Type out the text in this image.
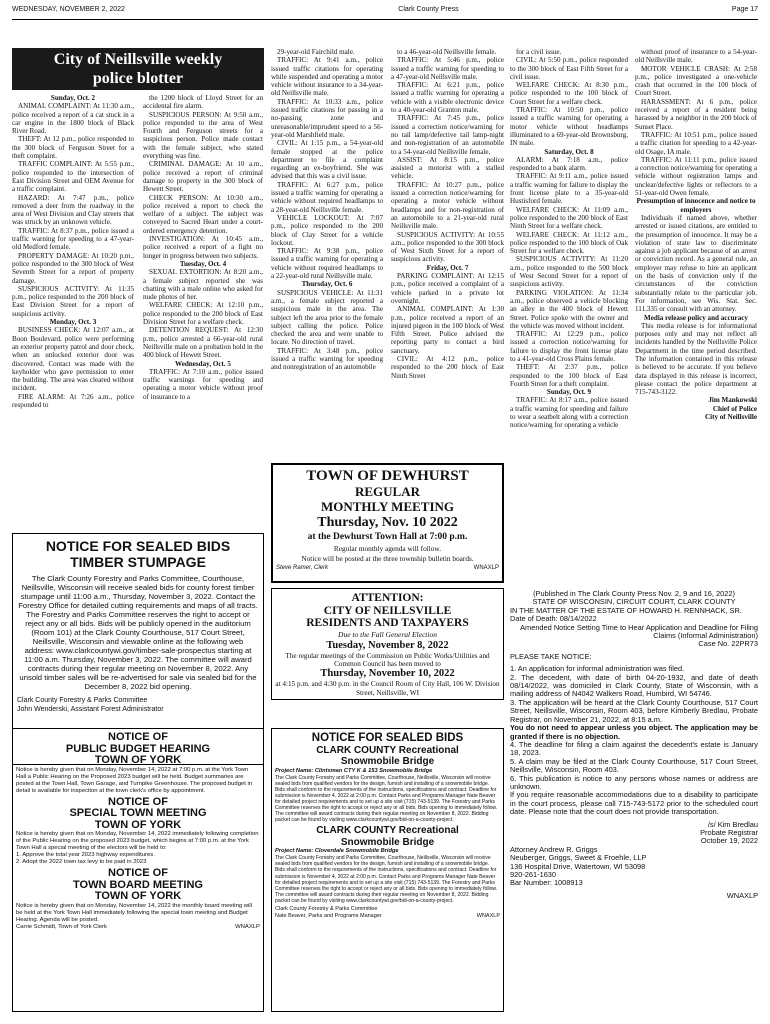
WEDNESDAY, NOVEMBER 2, 2022	Clark County Press	Page 17
City of Neillsville weekly
police blotter

Sunday, Oct. 2

ANIMAL COMPLAINT: At 11:30 a.m., police received a report of a cat stuck in a car engine in the 1800 block of Black River Road.

THEFT: At 12 p.m., police responded to the 300 block of Ferguson Street for a theft complaint.

TRAFFIC COMPLAINT: At 5:55 p.m., police responded to the intersection of East Division Street and OEM Avenue for a traffic complaint.

HAZARD: At 7:47 p.m., police removed a deer from the roadway in the area of West Division and Clay streets that was struck by an unknown vehicle.

TRAFFIC: At 8:37 p.m., police issued a traffic warning for speeding to a 47-year-old Medford female.

PROPERTY DAMAGE: At 10:20 p.m., police responded to the 300 block of West Seventh Street for a report of property damage.

SUSPICIOUS ACTIVITY: At 11:35 p.m., police responded to the 200 block of East Division Street for a report of suspicious activity.

Monday, Oct. 3

BUSINESS CHECK: At 12:07 a.m., at Boon Boulevard, police were performing an exterior property patrol and door check, when an unlocked exterior door was discovered. Contact was made with the keyholder who gave permission to enter the building. The area was cleared without incident.

FIRE ALARM: At 7:26 a.m., police responded to

the 1200 block of Lloyd Street for an accidental fire alarm.

SUSPICIOUS PERSON: At 9:50 a.m., police responded to the area of West Fourth and Ferguson streets for a suspicious person. Police made contact with the female subject, who stated everything was fine.

CRIMINAL DAMAGE: At 10 a.m., police received a report of criminal damage to property in the 300 block of Hewett Street.

CHECK PERSON: At 10:30 a.m., police received a report to check the welfare of a subject. The subject was conveyed to Sacred Heart under a court-ordered emergency detention.

INVESTIGATION: At 10:45 a.m., police received a report of a fight no longer in progress between two subjects.

Tuesday, Oct. 4

SEXUAL EXTORTION: At 8:20 a.m., a female subject reported she was chatting with a male online who asked for nude photos of her.

WELFARE CHECK: At 12:10 p.m., police responded to the 200 block of East Division Street for a welfare check.

DETENTION REQUEST: At 12:30 p.m., police arrested a 66-year-old rural Neillsville male on a probation hold in the 400 block of Hewett Street.

Wednesday, Oct. 5

TRAFFIC: At 7:10 a.m., police issued traffic warnings for speeding and operating a motor vehicle without proof of insurance to a

29-year-old Fairchild male.

TRAFFIC: At 9:41 a.m., police issued traffic citations for operating while suspended and operating a motor vehicle without insurance to a 34-year-old Neillsville male.

TRAFFIC: At 10:33 a.m., police issued traffic citations for passing in a no-passing zone and unreasonable/imprudent speed to a 56-year-old Marshfield male.

CIVIL: At 1:15 p.m., a 54-year-old female stopped at the police department to file a complaint regarding an ex-boyfriend. She was advised that this was a civil issue.

TRAFFIC: At 6:27 p.m., police issued a traffic warning for operating a vehicle without required headlamps to a 28-year-old Neillsville female.

VEHICLE LOCKOUT: At 7:07 p.m., police responded to the 200 block of Clay Street for a vehicle lockout.

TRAFFIC: At 9:38 p.m., police issued a traffic warning for operating a vehicle without required headlamps to a 22-year-old rural Neillsville male.

Thursday, Oct. 6

SUSPICIOUS VEHICLE: At 11:31 a.m., a female subject reported a suspicious male in the area. The subject left the area prior to the female subject calling the police. Police checked the area and were unable to locate. No direction of travel.

TRAFFIC: At 3:48 p.m., police issued a traffic warning for speeding and nonregistration of an automobile

to a 46-year-old Neillsville female.

TRAFFIC: At 5:46 p.m., police issued a traffic warning for speeding to a 47-year-old Neillsville male.

TRAFFIC: At 6:21 p.m., police issued a traffic warning for operating a vehicle with a visible electronic device to a 40-year-old Granton male.

TRAFFIC: At 7:45 p.m., police issued a correction notice/warning for no tail lamp/defective tail lamp-night and non-registration of an automobile to a 54-year-old Neillsville female.

ASSIST: At 8:15 p.m., police assisted a motorist with a stalled vehicle.

TRAFFIC: At 10:27 p.m., police issued a correction notice/warning for operating a motor vehicle without headlamps and for non-registration of an automobile to a 21-year-old rural Neillsville male.

SUSPICIOUS ACTIVITY: At 10:55 a.m., police responded to the 300 block of West Sixth Street for a report of suspicious activity.

Friday, Oct. 7

PARKING COMPLAINT: At 12:15 p.m., police received a complaint of a vehicle parked in a private lot overnight.

ANIMAL COMPLAINT: At 1:30 p.m., police received a report of an injured pigeon in the 100 block of West Fifth Street. Police advised the reporting party to contact a bird sanctuary.

CIVIL: At 4:12 p.m., police responded to the 200 block of East Ninth Street

for a civil issue.

CIVIL: At 5:50 p.m., police responded to the 300 block of East Fifth Street for a civil issue.

WELFARE CHECK: At 8:30 p.m., police responded to the 100 block of Court Street for a welfare check.

TRAFFIC: At 10:50 p.m., police issued a traffic warning for operating a motor vehicle without headlamps illuminated to a 69-year-old Brownsburg, IN male.

Saturday, Oct. 8

ALARM: At 7:18 a.m., police responded to a bank alarm.

TRAFFIC: At 9:11 a.m., police issued a traffic warning for failure to display the front license plate to a 35-year-old Hustisford female.

WELFARE CHECK: At 11:09 a.m., police responded to the 200 block of East Ninth Street for a welfare check.

WELFARE CHECK: At 11:12 a.m., police responded to the 100 block of Oak Street for a welfare check.

SUSPICIOUS ACTIVITY: At 11:20 a.m., police responded to the 500 block of West Second Street for a report of suspicious activity.

PARKING VIOLATION: At 11:34 a.m., police observed a vehicle blocking an alley in the 400 block of Hewett Street. Police spoke with the owner and the vehicle was moved without incident.

TRAFFIC: At 12:29 p.m., police issued a correction notice/warning for failure to display the front license plate to a 41-year-old Cross Plains female.

THEFT: At 2:37 p.m., police responded to the 100 block of East Fourth Street for a theft complaint.

Sunday, Oct. 9

TRAFFIC: At 8:17 a.m., police issued a traffic warning for speeding and failure to wear a seatbelt along with a correction notice/warning for operating a vehicle

without proof of insurance to a 54-year-old Neillsville male.

MOTOR VEHICLE CRASH: At 2:58 p.m., police investigated a one-vehicle crash that occurred in the 100 block of Court Street.

HARASSMENT: At 6 p.m., police received a report of a resident being harassed by a neighbor in the 200 block of Sunset Place.

TRAFFIC: At 10:51 p.m., police issued a traffic citation for speeding to a 42-year-old Osage, IA male.

TRAFFIC: At 11:11 p.m., police issued a correction notice/warning for operating a vehicle without registration lamps and unclear/defective lights or reflectors to a 51-year-old Owen female.

Presumption of innocence and notice to employers

Individuals if named above, whether arrested or issued citations, are entitled to the presumption of innocence. It may be a violation of state law to discriminate against a job applicant because of an arrest or conviction record. As a general rule, an employer may refuse to hire an applicant on the basis of conviction only if the circumstances of the conviction substantially relate to the particular job. For information, see Wis. Stat. Sec. 111.335 or consult with an attorney.

Media release policy and accuracy

This media release is for informational purposes only and may not reflect all incidents handled by the Neillsville Police Department in the time period described. The information contained in this release is believed to be accurate. If you believe data displayed in this release is incorrect, please contact the police department at 715-743-3122.

Jim Mankowski

Chief of Police

City of Neillsville

NOTICE FOR SEALED BIDS
TIMBER STUMPAGE
The Clark County Forestry and Parks Committee, Courthouse, Neillsville, Wisconsin will receive sealed bids for county forest timber stumpage until 11:00 a.m., Thursday, November 3, 2022. Contact the Forestry Office for detailed cutting requirements and maps of all tracts. The Forestry and Parks Committee reserves the right to accept or reject any or all bids. Bids will be publicly opened in the auditorium (Room 101) at the Clark County Courthouse, 517 Court Street, Neillsville, Wisconsin and viewable online at the following web address: www.clarkcountywi.gov/timber-sale-prospectus starting at 11:00 a.m. Thursday, November 3, 2022. The committee will award contracts during their regular meeting on November 8, 2022. Any unsold timber sales will be re-advertised for sale via sealed bid for the December 8, 2022 bid opening.
Clark County Forestry & Parks Committee
John Wenderski, Assistant Forest Administrator
TOWN OF DEWHURST
REGULAR
MONTHLY MEETING
Thursday, Nov. 10 2022
at the Dewhurst Town Hall at 7:00 p.m.
Regular monthly agenda will follow.
Notice will be posted at the three township bulletin boards.
Steve Ramer, Clerk	WNAXLP
ATTENTION:
CITY OF NEILLSVILLE
RESIDENTS AND TAXPAYERS
Due to the Fall General Election
Tuesday, November 8, 2022
The regular meetings of the Commission on Public Works/Utilities and Common Council has been moved to
Thursday, November 10, 2022
at 4:15 p.m. and 4:30 p.m. in the Council Room of City Hall, 106 W. Division Street, Neillsville, WI
NOTICE OF
PUBLIC BUDGET HEARING
TOWN OF YORK
Notice is hereby given that on Monday, November 14, 2022 at 7:00 p.m. at the York Town Hall a Public Hearing on the Proposed 2023 budget will be held. Budget summaries are posted at the Town Hall, Town Garage, and Turnpike Greenhouse. The proposed budget in detail is available for inspection at the town clerk's office by appointment.
NOTICE OF
SPECIAL TOWN MEETING
TOWN OF YORK
Notice is hereby given that on Monday, November 14, 2022 immediately following completion of the Public Hearing on the proposed 2023 budget, which begins at 7:00 p.m. at the York Town Hall a special meeting of the electors will be held to:
1. Approve the total year 2023 highway expenditures.
2. Adopt the 2022 town tax levy to be paid in 2023
NOTICE OF
TOWN BOARD MEETING
TOWN OF YORK
Notice is hereby given that on Monday, November 14, 2022 the monthly board meeting will be held at the York Town Hall immediately following the special town meeting and Budget Hearing. Agenda will be posted.
Carrie Schmidt, Town of York Clerk	WNAXLP
NOTICE FOR SEALED BIDS
CLARK COUNTY Recreational
Snowmobile Bridge
Project Name: Clintsman CTY K & 153 Snowmobile Bridge
The Clark County Forestry and Parks Committee, Courthouse, Neillsville, Wisconsin will receive sealed bids from qualified vendors for the design, furnish and installing of a snowmobile bridge. Bids shall conform to the requirements of the instructions, specifications and contract. Deadline for submission is November 4, 2022 at 2:00 p.m. Contact Parks and Programs Manager Nate Beaver for detailed project requirements and to set up a site visit (715) 743-5139. The Forestry and Parks Committee reserves the right to accept or reject any or all bids. Bids opening to immediately follow. The committee will award contracts during their regular meeting on November 8, 2022. Bidding packet can be found by visiting www.clarkcountywi.gov/bid-on-a-county-project.
CLARK COUNTY Recreational
Snowmobile Bridge
Project Name: Cloverdale Snowmobile Bridge
The Clark County Forestry and Parks Committee, Courthouse, Neillsville, Wisconsin will receive sealed bids from qualified vendors for the design, furnish and installing of a snowmobile bridge. Bids shall conform to the requirements of the instructions, specifications and contract. Deadline for submission is November 4, 2022 at 2:00 p.m. Contact Parks and Programs Manager Nate Beaver for detailed project requirements and to set up a site visit (715) 743-5139. The Forestry and Parks Committee reserves the right to accept or reject any or all bids. Bids opening to immediately follow. The committee will award contracts during their regular meeting on November 8, 2022. Bidding packet can be found by visiting www.clarkcountywi.gov/bid-on-a-county-project.
Clark County Forestry & Parks Committee
Nate Beaver, Parks and Programs Manager	WNAXLP
(Published in The Clark County Press Nov. 2, 9 and 16, 2022)
STATE OF WISCONSIN, CIRCUIT COURT, CLARK COUNTY
IN THE MATTER OF THE ESTATE OF HOWARD H. RENNHACK, SR.
Date of Death: 08/14/2022
Amended Notice Setting Time to Hear Application and Deadline for Filing Claims (Informal Administration)
Case No. 22PR73
PLEASE TAKE NOTICE:
1. An application for informal administration was filed.
2. The decedent, with date of birth 04-20-1932, and date of death 08/14/2022, was domiciled in Clark County, State of Wisconsin, with a mailing address of N4042 Walkers Road, Humbird, WI 54746.
3. The application will be heard at the Clark County Courthouse, 517 Court Street, Neillsville, Wisconsin, Room 403, before Kimberly Bredlau, Probate Registrar, on November 21, 2022, at 8:15 a.m.
You do not need to appear unless you object. The application may be granted if there is no objection.
4. The deadline for filing a claim against the decedent's estate is January 18, 2023.
5. A claim may be filed at the Clark County Courthouse, 517 Court Street, Neillsville, Wisconsin, Room 403.
6. This publication is notice to any persons whose names or address are unknown.
If you require reasonable accommodations due to a disability to participate in the court process, please call 715-743-5172 prior to the scheduled court date. Please note that the court does not provide transportation.
/s/ Kim Bredlau
Probate Registrar
October 19, 2022
Attorney Andrew R. Griggs
Neuberger, Griggs, Sweet & Froehle, LLP
136 Hospital Drive, Watertown, WI 53098
920-261-1630
Bar Number: 1008913
WNAXLP
